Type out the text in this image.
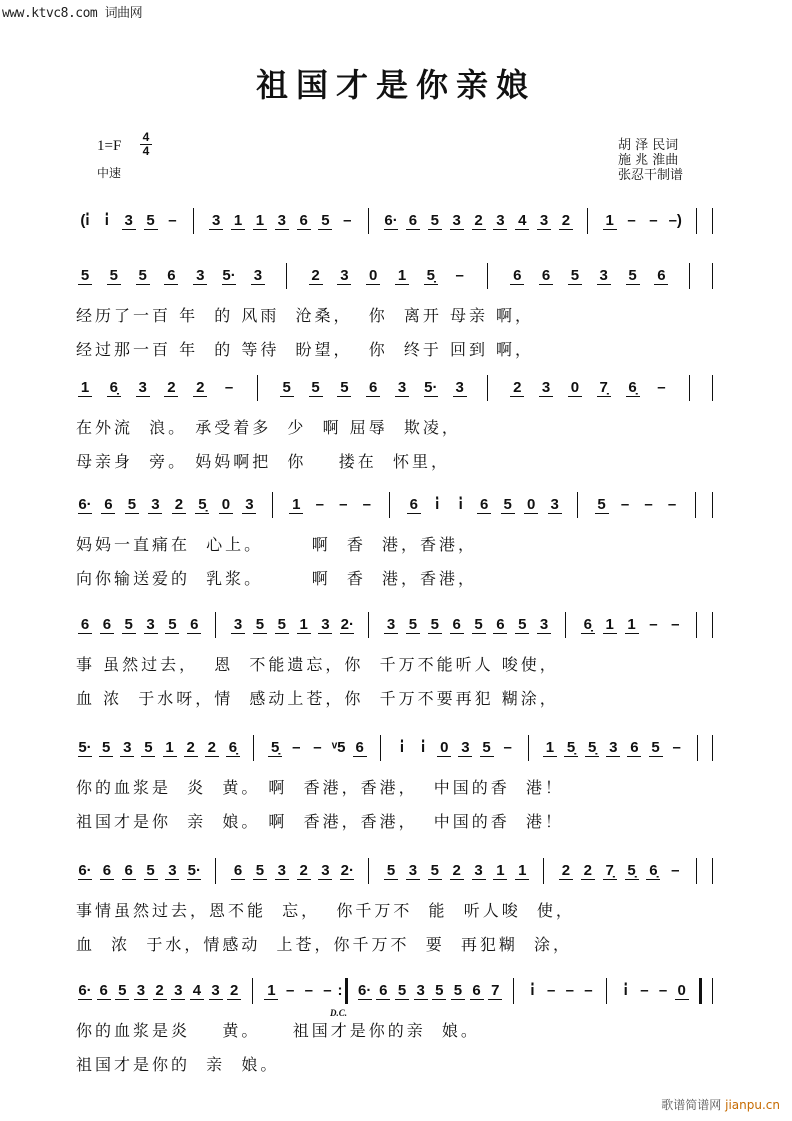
www.ktvc8.com 词曲网
祖国才是你亲娘
1=F
4
4
中速
胡 泽 民词
施 兆 淮曲
张忍干制谱
(i̇	i̇	3 5 – 3 1 1 3 6 5 – 6· 6 5 3 2 3 4 3 2 1 – – –)
5 5 5 6 3 5· 3	2 3 0 1 5̣ –	6 6 5 3 5 6
经历了一百 年  的 风雨  沧桑，  你  离开 母亲 啊，
经过那一百 年  的 等待  盼望，  你  终于 回到 啊，
1 6̣ 3 2 2 –	5 5 5 6 3 5· 3	2 3 0 7̣ 6̣ –
在外流  浪。 承受着多  少  啊 屈辱  欺凌，
母亲身  旁。 妈妈啊把  你    搂在  怀里，
6· 6 5 3 2 5̣ 0 3	1 – – –	6	i̇	i̇	6 5 0 3	5 – – –
妈妈一直痛在  心上。      啊  香  港，香港，
向你输送爱的  乳浆。      啊  香  港，香港，
6 6 5 3 5 6 3 5 5 1 3 2· 3 5 5 6 5 6 5 3 6̣ 1 1 – –
事 虽然过去，  恩  不能遗忘，你  千万不能听人 唆使，
血 浓  于水呀，情  感动上苍，你  千万不要再犯 糊涂，
5· 5 3 5 1 2 2 6̣ 5̣ – – ᵛ5 6	i̇	i̇ 0 3 5 – 1 5̣ 5̣ 3 6 5 –
你的血浆是  炎  黄。 啊  香港，香港，  中国的香  港！
祖国才是你  亲  娘。 啊  香港，香港，  中国的香  港！
6· 6 6 5 3 5· 6 5 3 2 3 2· 5 3 5 2 3 1 1 2 2 7̣ 5̣ 6̣ –
事情虽然过去，恩不能  忘，  你千万不  能  听人唆  使，
血  浓  于水，情感动  上苍，你千万不  要  再犯糊  涂，
6· 6 5 3 2 3 4 3 2 1 – – – :	6· 6 5 3 5 5 6 7	i̇ – – –	i̇ – – 0
D.C.
你的血浆是炎    黄。    祖国才是你的亲  娘。
祖国才是你的  亲  娘。
歌谱简谱网 jianpu.cn
